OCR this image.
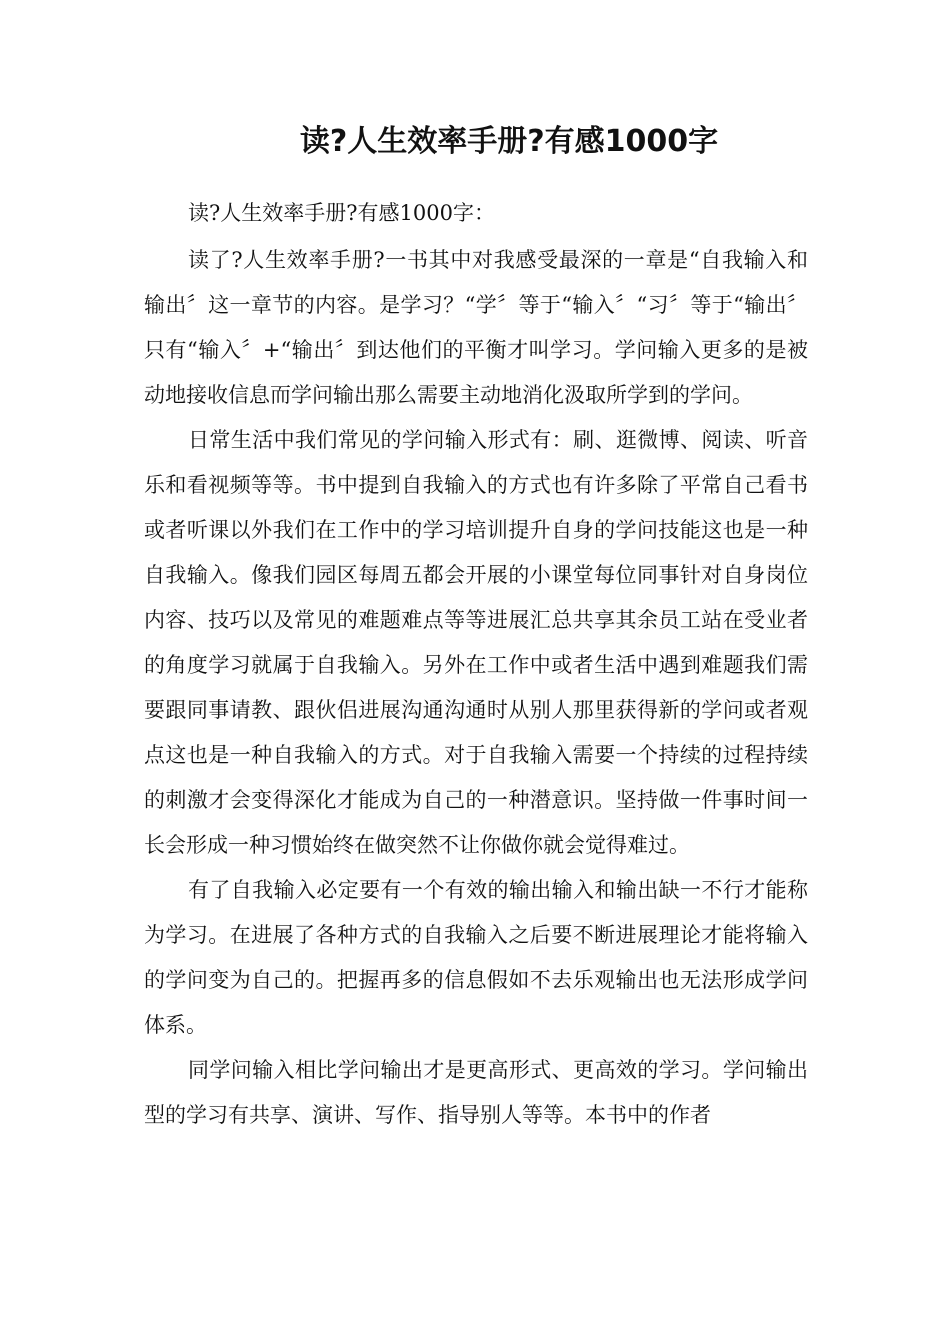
读?人生效率手册?有感1000字

读?人生效率手册?有感1000字：

读了?人生效率手册?一书其中对我感受最深的一章是“自我输入和输出〞这一章节的内容。是学习？“学〞等于“输入〞“习〞等于“输出〞只有“输入〞+“输出〞到达他们的平衡才叫学习。学问输入更多的是被动地接收信息而学问输出那么需要主动地消化汲取所学到的学问。

日常生活中我们常见的学问输入形式有：刷、逛微博、阅读、听音乐和看视频等等。书中提到自我输入的方式也有许多除了平常自己看书或者听课以外我们在工作中的学习培训提升自身的学问技能这也是一种自我输入。像我们园区每周五都会开展的小课堂每位同事针对自身岗位内容、技巧以及常见的难题难点等等进展汇总共享其余员工站在受业者的角度学习就属于自我输入。另外在工作中或者生活中遇到难题我们需要跟同事请教、跟伙侣进展沟通沟通时从别人那里获得新的学问或者观点这也是一种自我输入的方式。对于自我输入需要一个持续的过程持续的刺激才会变得深化才能成为自己的一种潜意识。坚持做一件事时间一长会形成一种习惯始终在做突然不让你做你就会觉得难过。

有了自我输入必定要有一个有效的输出输入和输出缺一不行才能称为学习。在进展了各种方式的自我输入之后要不断进展理论才能将输入的学问变为自己的。把握再多的信息假如不去乐观输出也无法形成学问体系。

同学问输入相比学问输出才是更高形式、更高效的学习。学问输出型的学习有共享、演讲、写作、指导别人等等。本书中的作者
